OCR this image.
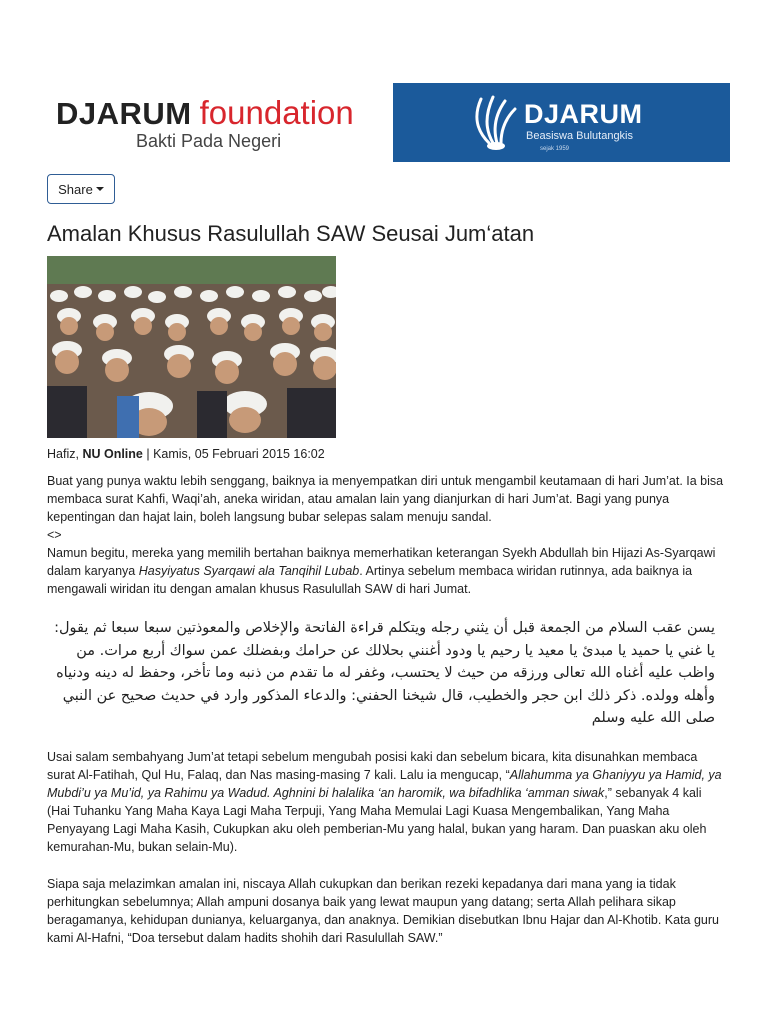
DJARUM foundation
Bakti Pada Negeri
DJARUM
Beasiswa Bulutangkis
sejak 1959
Share
Amalan Khusus Rasulullah SAW Seusai Jum‘atan
Hafiz, NU Online | Kamis, 05 Februari 2015 16:02

Buat yang punya waktu lebih senggang, baiknya ia menyempatkan diri untuk mengambil keutamaan di hari Jum’at. Ia bisa membaca surat Kahfi, Waqi’ah, aneka wiridan, atau amalan lain yang dianjurkan di hari Jum’at. Bagi yang punya kepentingan dan hajat lain, boleh langsung bubar selepas salam menuju sandal.
<>
Namun begitu, mereka yang memilih bertahan baiknya memerhatikan keterangan Syekh Abdullah bin Hijazi As-Syarqawi dalam karyanya Hasyiyatus Syarqawi ala Tanqihil Lubab. Artinya sebelum membaca wiridan rutinnya, ada baiknya ia mengawali wiridan itu dengan amalan khusus Rasulullah SAW di hari Jumat.

يسن عقب السلام من الجمعة قبل أن يثني رجله ويتكلم قراءة الفاتحة والإخلاص والمعوذتين سبعا سبعا ثم يقول: يا غني يا حميد يا مبدئ يا معيد يا رحيم يا ودود أغنني بحلالك عن حرامك وبفضلك عمن سواك أربع مرات. من واظب عليه أغناه الله تعالى ورزقه من حيث لا يحتسب، وغفر له ما تقدم من ذنبه وما تأخر، وحفظ له دينه ودنياه وأهله وولده. ذكر ذلك ابن حجر والخطيب، قال شيخنا الحفني: والدعاء المذكور وارد في حديث صحيح عن النبي صلى الله عليه وسلم

Usai salam sembahyang Jum’at tetapi sebelum mengubah posisi kaki dan sebelum bicara, kita disunahkan membaca surat Al-Fatihah, Qul Hu, Falaq, dan Nas masing-masing 7 kali. Lalu ia mengucap, “Allahumma ya Ghaniyyu ya Hamid, ya Mubdi’u ya Mu’id, ya Rahimu ya Wadud. Aghnini bi halalika ‘an haromik, wa bifadhlika ‘amman siwak,” sebanyak 4 kali (Hai Tuhanku Yang Maha Kaya Lagi Maha Terpuji, Yang Maha Memulai Lagi Kuasa Mengembalikan, Yang Maha Penyayang Lagi Maha Kasih, Cukupkan aku oleh pemberian-Mu yang halal, bukan yang haram. Dan puaskan aku oleh kemurahan-Mu, bukan selain-Mu).

Siapa saja melazimkan amalan ini, niscaya Allah cukupkan dan berikan rezeki kepadanya dari mana yang ia tidak perhitungkan sebelumnya; Allah ampuni dosanya baik yang lewat maupun yang datang; serta Allah pelihara sikap beragamanya, kehidupan dunianya, keluarganya, dan anaknya. Demikian disebutkan Ibnu Hajar dan Al-Khotib. Kata guru kami Al-Hafni, “Doa tersebut dalam hadits shohih dari Rasulullah SAW.”
